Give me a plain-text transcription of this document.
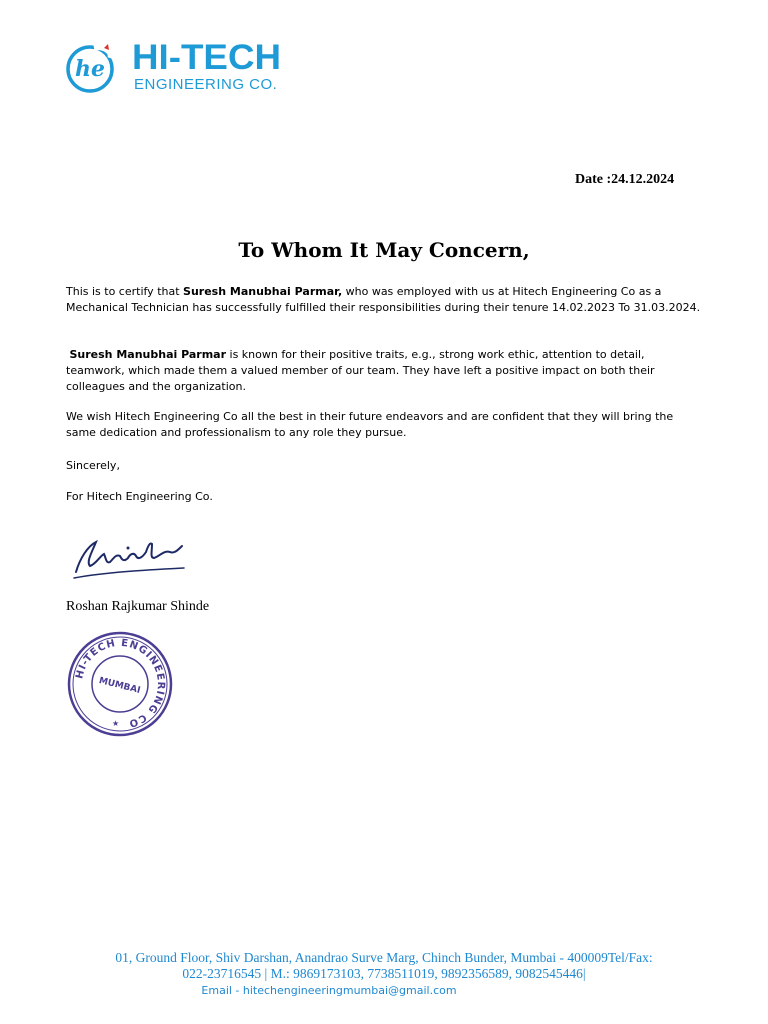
he HI-TECH
ENGINEERING CO.
Date :24.12.2024
To Whom It May Concern,
This is to certify that Suresh Manubhai Parmar, who was employed with us at Hitech Engineering Co as a Mechanical Technician has successfully fulfilled their responsibilities during their tenure 14.02.2023 To 31.03.2024.
Suresh Manubhai Parmar is known for their positive traits, e.g., strong work ethic, attention to detail, teamwork, which made them a valued member of our team. They have left a positive impact on both their colleagues and the organization.
We wish Hitech Engineering Co all the best in their future endeavors and are confident that they will bring the same dedication and professionalism to any role they pursue.
Sincerely,
For Hitech Engineering Co.
Roshan Rajkumar Shinde
HI-TECH ENGINEERING CO
MUMBAI
★
01, Ground Floor, Shiv Darshan, Anandrao Surve Marg, Chinch Bunder, Mumbai - 400009Tel/Fax:
022-23716545 | M.: 9869173103, 7738511019, 9892356589, 9082545446|
Email - hitechengineeringmumbai@gmail.com
